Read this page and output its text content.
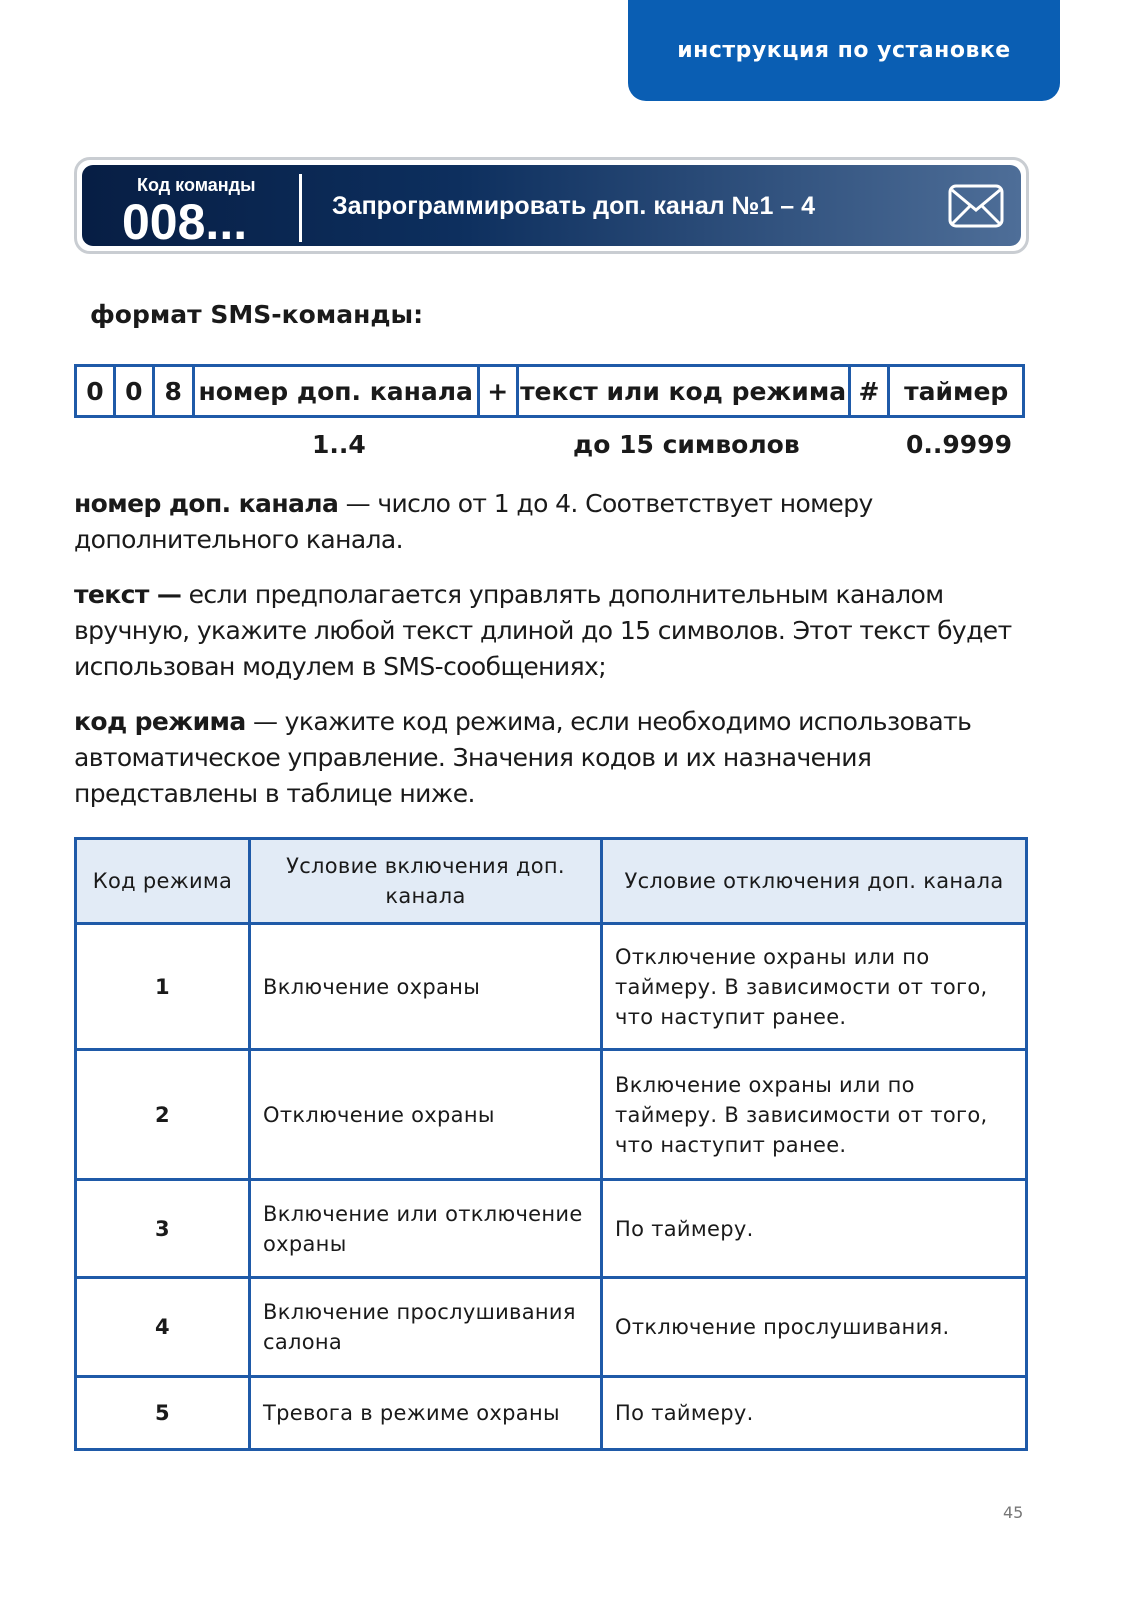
инструкция по установке
Код команды
008...	Запрограммировать доп. канал №1 – 4
формат SMS-команды:
0 0 8 номер доп. канала + текст или код режима # таймер
1..4	до 15 символов	0..9999
номер доп. канала — число от 1 до 4. Соответствует номеру дополнительного канала.
текст — если предполагается управлять дополнительным каналом вручную, укажите любой текст длиной до 15 символов. Этот текст будет использован модулем в SMS-сообщениях;
код режима — укажите код режима, если необходимо использовать автоматическое управление. Значения кодов и их назначения представлены в таблице ниже.
Код режима	Условие включения доп. канала	Условие отключения доп. канала
1	Включение охраны	Отключение охраны или по таймеру. В зависимости от того, что наступит ранее.
2	Отключение охраны	Включение охраны или по таймеру. В зависимости от того, что наступит ранее.
3	Включение или отключение охраны	По таймеру.
4	Включение прослушивания салона	Отключение прослушивания.
5	Тревога в режиме охраны	По таймеру.
45
